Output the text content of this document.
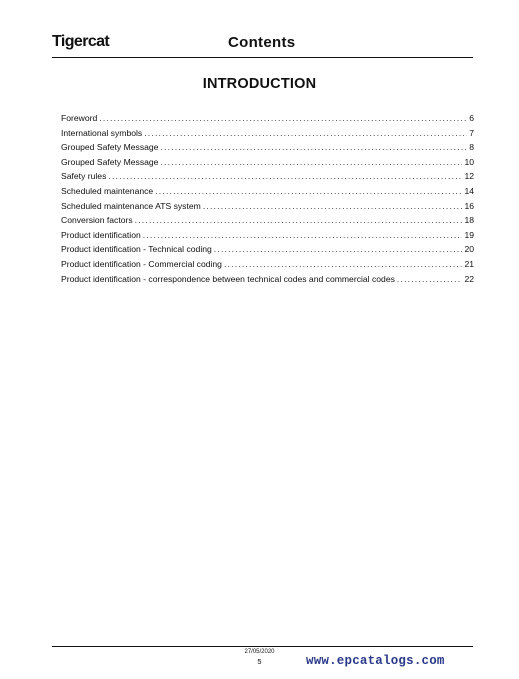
Tigercat	Contents
INTRODUCTION
Foreword . . .	6
International symbols . . .	7
Grouped Safety Message . . .	8
Grouped Safety Message . . .	10
Safety rules . . .	12
Scheduled maintenance . . .	14
Scheduled maintenance ATS system . . .	16
Conversion factors . . .	18
Product identification . . .	19
Product identification - Technical coding . . .	20
Product identification - Commercial coding . . .	21
Product identification - correspondence between technical codes and commercial codes . . .	22
27/05/2020
5	www.epcatalogs.com
